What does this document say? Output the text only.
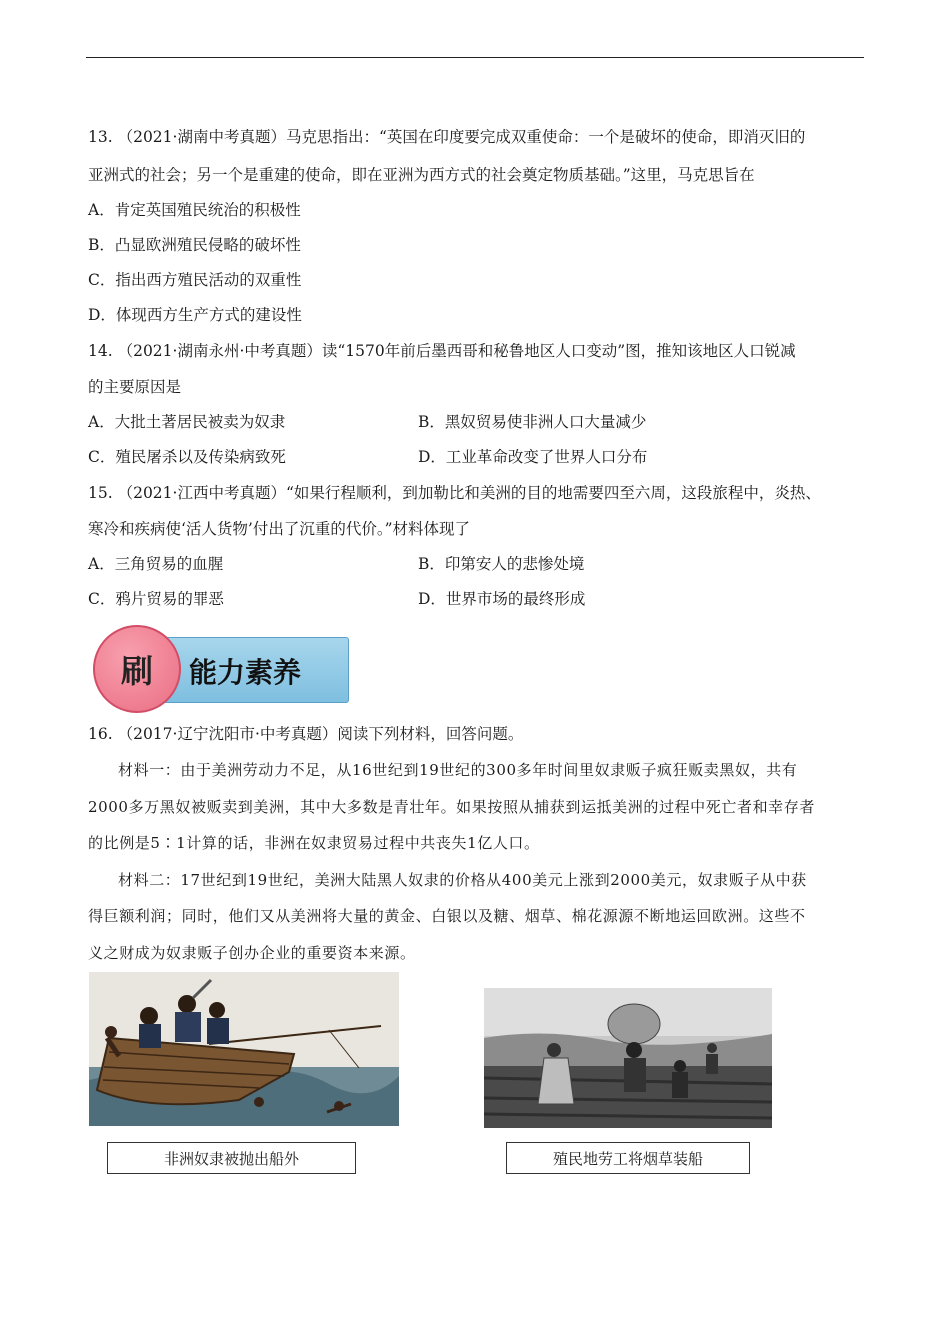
13. （2021·湖南中考真题）马克思指出：“英国在印度要完成双重使命：一个是破坏的使命，即消灭旧的
亚洲式的社会；另一个是重建的使命，即在亚洲为西方式的社会奠定物质基础。”这里，马克思旨在
A．肯定英国殖民统治的积极性
B．凸显欧洲殖民侵略的破坏性
C．指出西方殖民活动的双重性
D．体现西方生产方式的建设性
14. （2021·湖南永州·中考真题）读“1570年前后墨西哥和秘鲁地区人口变动”图，推知该地区人口锐减
的主要原因是
A．大批土著居民被卖为奴隶	B．黑奴贸易使非洲人口大量减少
C．殖民屠杀以及传染病致死	D．工业革命改变了世界人口分布
15. （2021·江西中考真题）“如果行程顺利，到加勒比和美洲的目的地需要四至六周，这段旅程中，炎热、
寒冷和疾病使‘活人货物’付出了沉重的代价。”材料体现了
A．三角贸易的血腥	B．印第安人的悲惨处境
C．鸦片贸易的罪恶	D．世界市场的最终形成
刷	能力素养
16. （2017·辽宁沈阳市·中考真题）阅读下列材料，回答问题。
材料一：由于美洲劳动力不足，从16世纪到19世纪的300多年时间里奴隶贩子疯狂贩卖黑奴，共有
2000多万黑奴被贩卖到美洲，其中大多数是青壮年。如果按照从捕获到运抵美洲的过程中死亡者和幸存者
的比例是5∶1计算的话，非洲在奴隶贸易过程中共丧失1亿人口。
材料二：17世纪到19世纪，美洲大陆黑人奴隶的价格从400美元上涨到2000美元，奴隶贩子从中获
得巨额利润；同时，他们又从美洲将大量的黄金、白银以及糖、烟草、棉花源源不断地运回欧洲。这些不
义之财成为奴隶贩子创办企业的重要资本来源。
非洲奴隶被抛出船外	殖民地劳工将烟草装船
